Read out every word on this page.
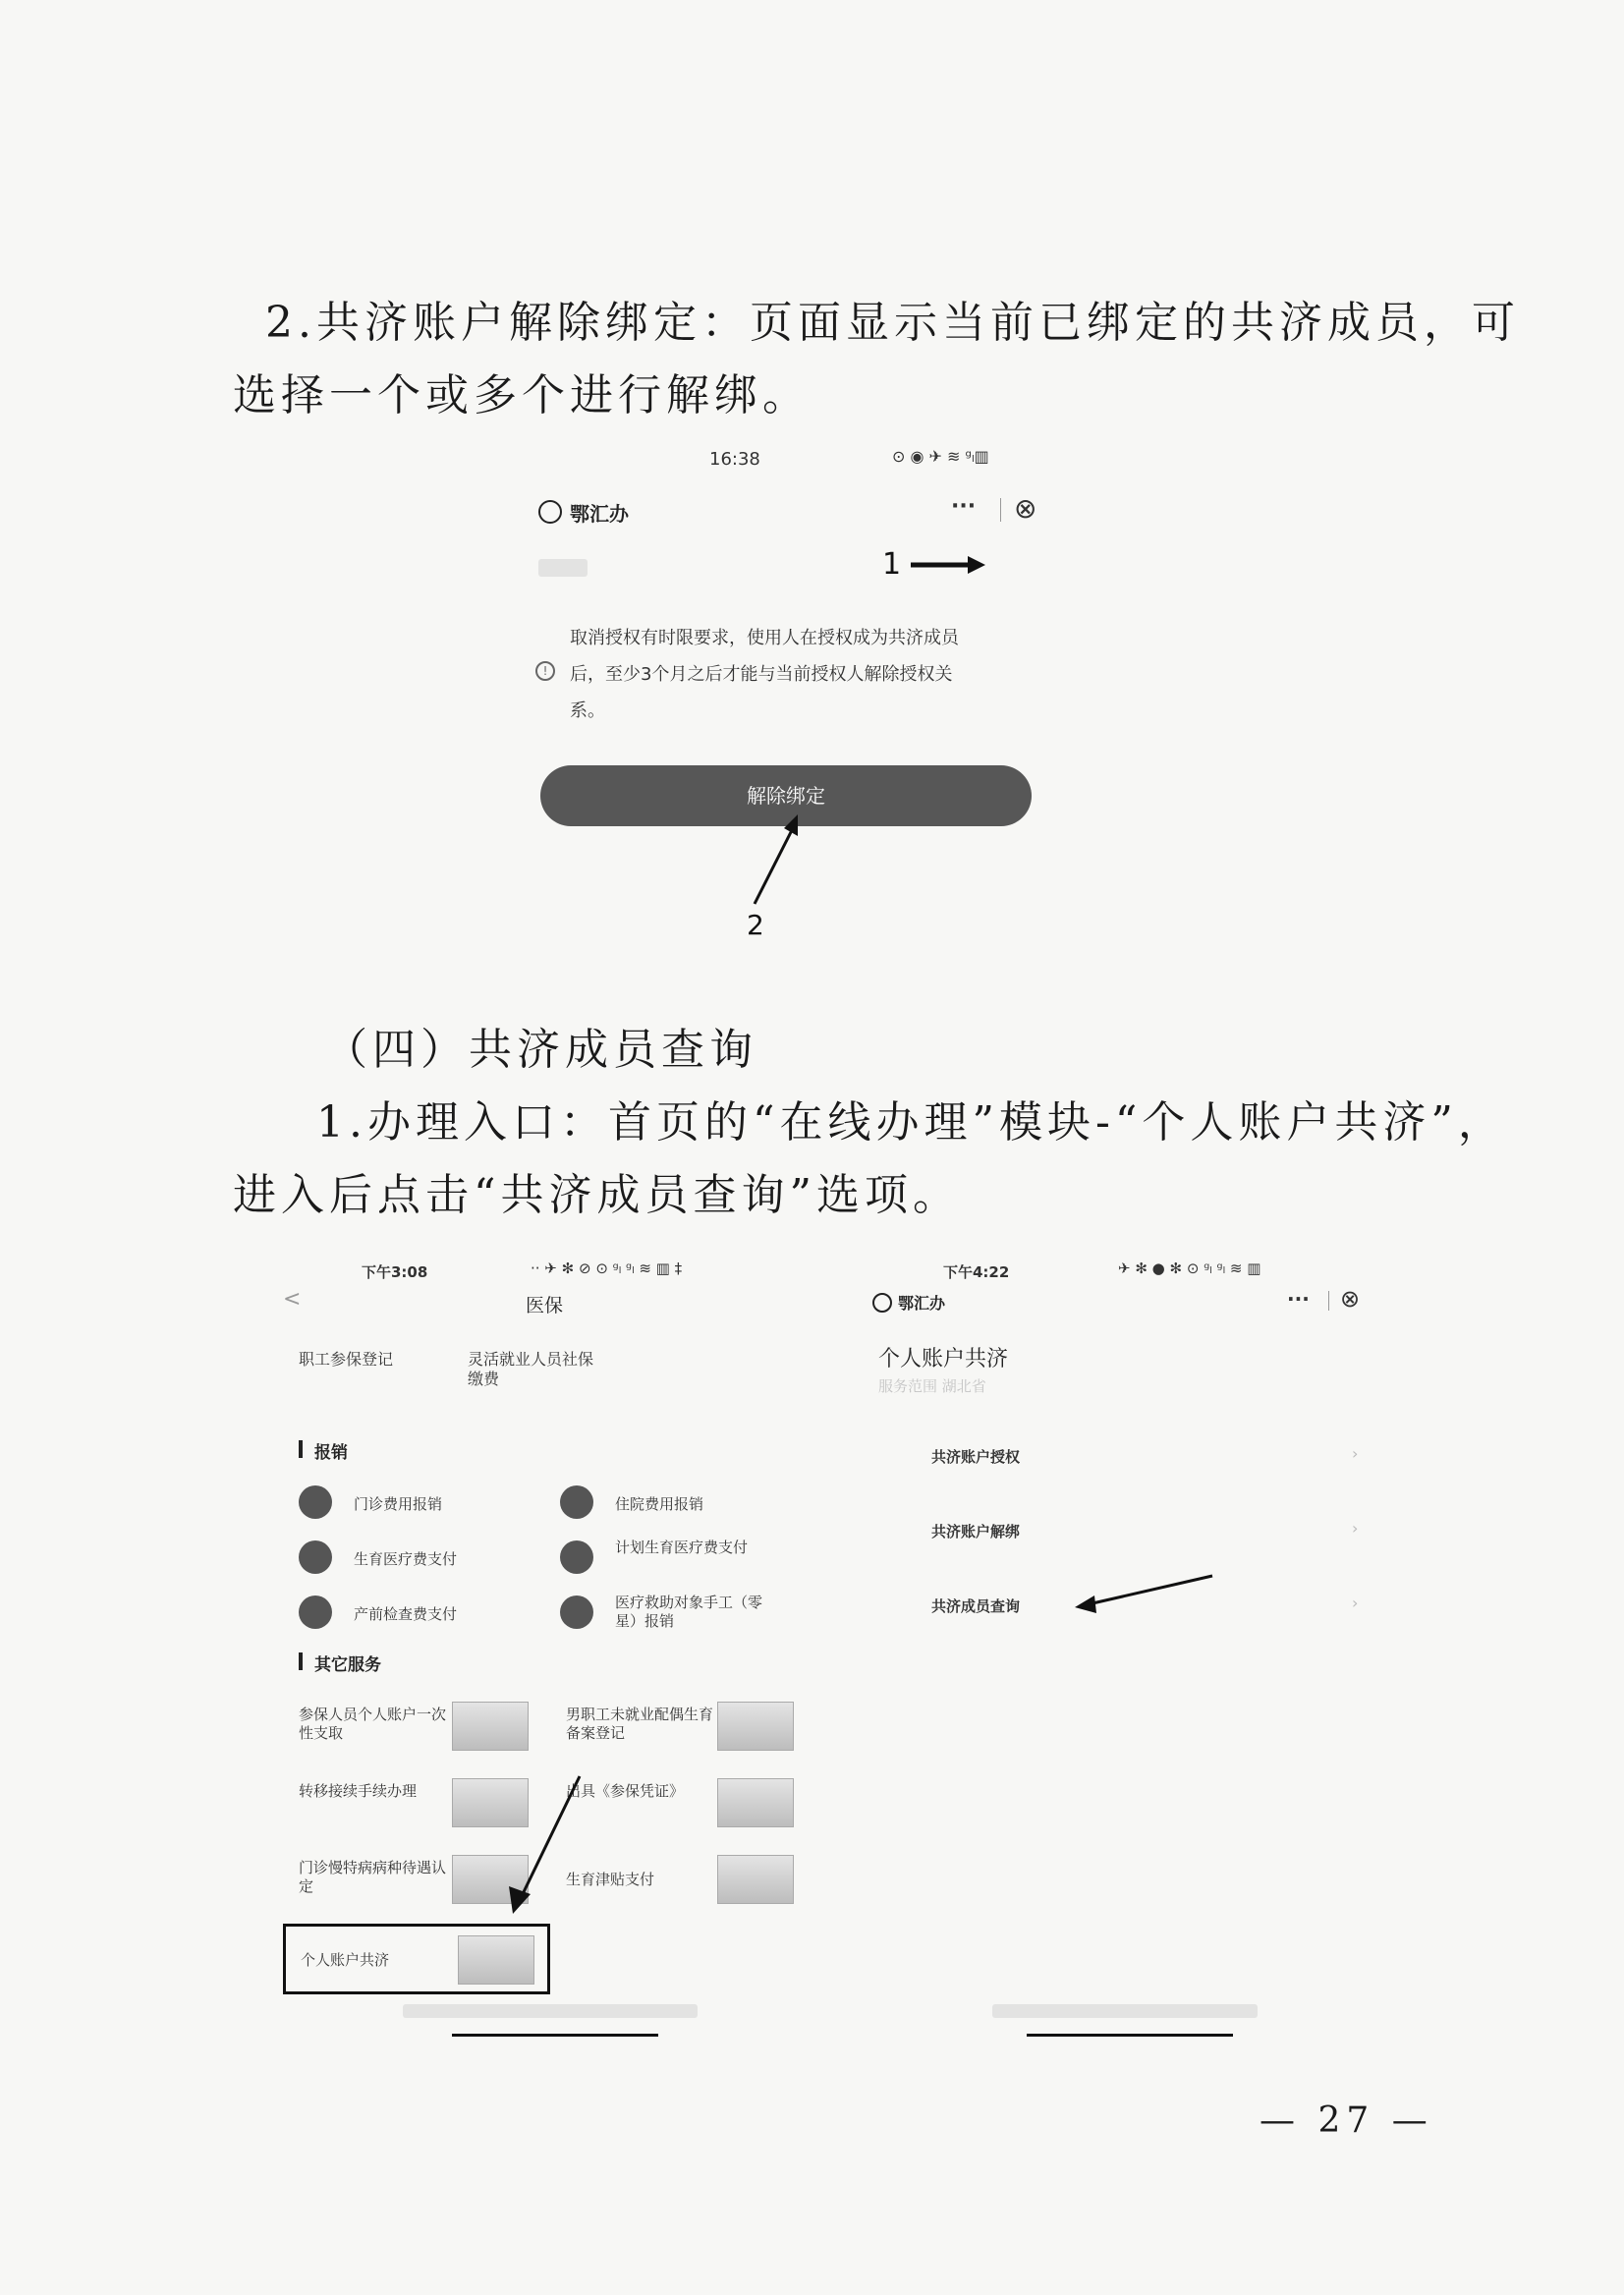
2.共济账户解除绑定：页面显示当前已绑定的共济成员，可
选择一个或多个进行解绑。
16:38	⊙ ◉ ✈ ≋ ᵍₗ▥
鄂汇办	··· ⊗
1
取消授权有时限要求，使用人在授权成为共济成员
!	后，至少3个月之后才能与当前授权人解除授权关
系。
解除绑定
2
（四）共济成员查询
1.办理入口：首页的“在线办理”模块-“个人账户共济”，
进入后点击“共济成员查询”选项。
下午3:08	·· ✈ ✻ ⊘ ⊙ ᵍₗ ᵍₗ ≋ ▥ ‡
<	医保
职工参保登记	灵活就业人员社保缴费
报销
门诊费用报销	住院费用报销
生育医疗费支付
计划生育医疗费支付
产前检查费支付
医疗救助对象手工（零星）报销
其它服务
参保人员个人账户一次性支取
男职工未就业配偶生育备案登记
转移接续手续办理	出具《参保凭证》
门诊慢特病病种待遇认定	生育津贴支付
个人账户共济
下午4:22	✈ ✻ ● ✻ ⊙ ᵍₗ ᵍₗ ≋ ▥
鄂汇办	··· ⊗
个人账户共济
服务范围 湖北省
共济账户授权	›
共济账户解绑	›
共济成员查询	›
— 27 —
